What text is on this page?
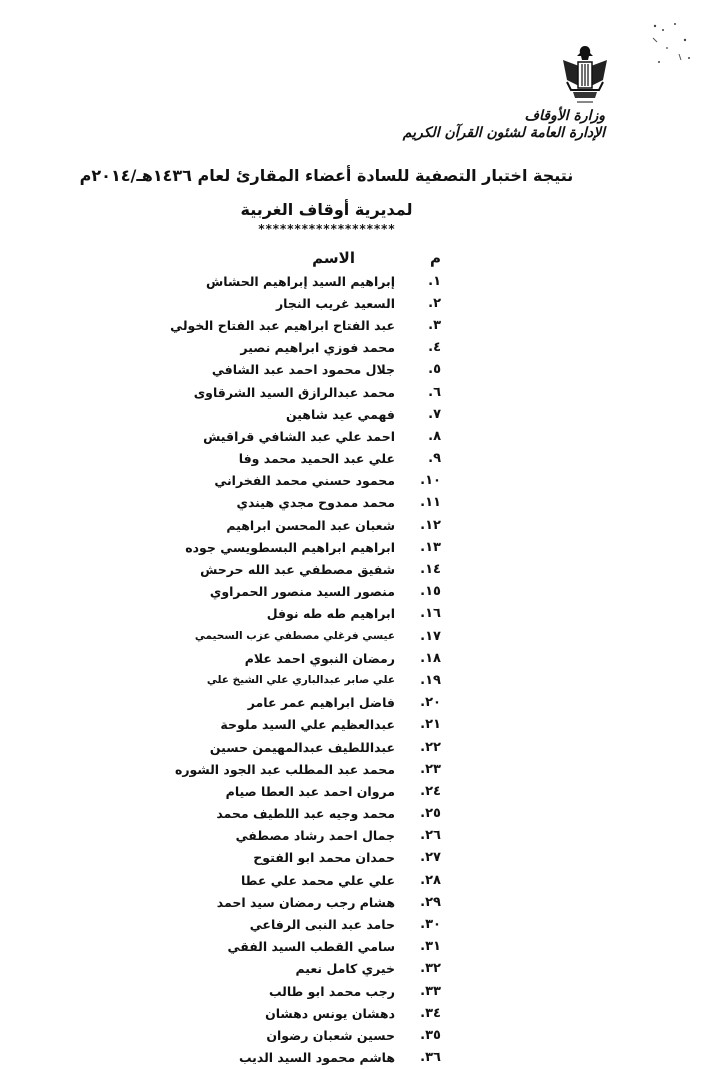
وزارة الأوقاف
الإدارة العامة لشئون القرآن الكريم
نتيجة اختبار التصفية للسادة أعضاء المقارئ لعام ١٤٣٦هـ/٢٠١٤م
لمديرية أوقاف الغربية
*******************
م
الاسم
١.
إبراهيم السيد إبراهيم الحشاش
٢.
السعيد غريب النجار
٣.
عبد الفتاح ابراهيم عبد الفتاح الخولي
٤.
محمد فوزي ابراهيم نصير
٥.
جلال محمود احمد عبد الشافي
٦.
محمد عبدالرازق السيد الشرقاوى
٧.
فهمي عيد شاهين
٨.
احمد علي عبد الشافي قراقيش
٩.
علي عبد الحميد محمد وفا
١٠.
محمود حسني محمد الفخراني
١١.
محمد ممدوح مجدي هيندي
١٢.
شعبان عبد المحسن ابراهيم
١٣.
ابراهيم ابراهيم البسطويسي جوده
١٤.
شفيق مصطفي عبد الله حرحش
١٥.
منصور السيد منصور الحمراوي
١٦.
ابراهيم طه طه نوفل
١٧.
عيسي فرغلي مصطفي عزب السحيمي
١٨.
رمضان النبوي احمد علام
١٩.
علي صابر عبدالباري علي الشيخ علي
٢٠.
فاضل ابراهيم عمر عامر
٢١.
عبدالعظيم علي السيد ملوحة
٢٢.
عبداللطيف عبدالمهيمن حسين
٢٣.
محمد عبد المطلب عبد الجود الشوره
٢٤.
مروان احمد عبد العطا صيام
٢٥.
محمد وجيه عبد اللطيف محمد
٢٦.
جمال احمد رشاد مصطفي
٢٧.
حمدان محمد ابو الفتوح
٢٨.
علي علي محمد علي عطا
٢٩.
هشام رجب رمضان سيد احمد
٣٠.
حامد عبد النبى الرفاعي
٣١.
سامي القطب السيد الفقي
٣٢.
خيري كامل نعيم
٣٣.
رجب محمد ابو طالب
٣٤.
دهشان يونس دهشان
٣٥.
حسين شعبان رضوان
٣٦.
هاشم محمود السيد الديب
